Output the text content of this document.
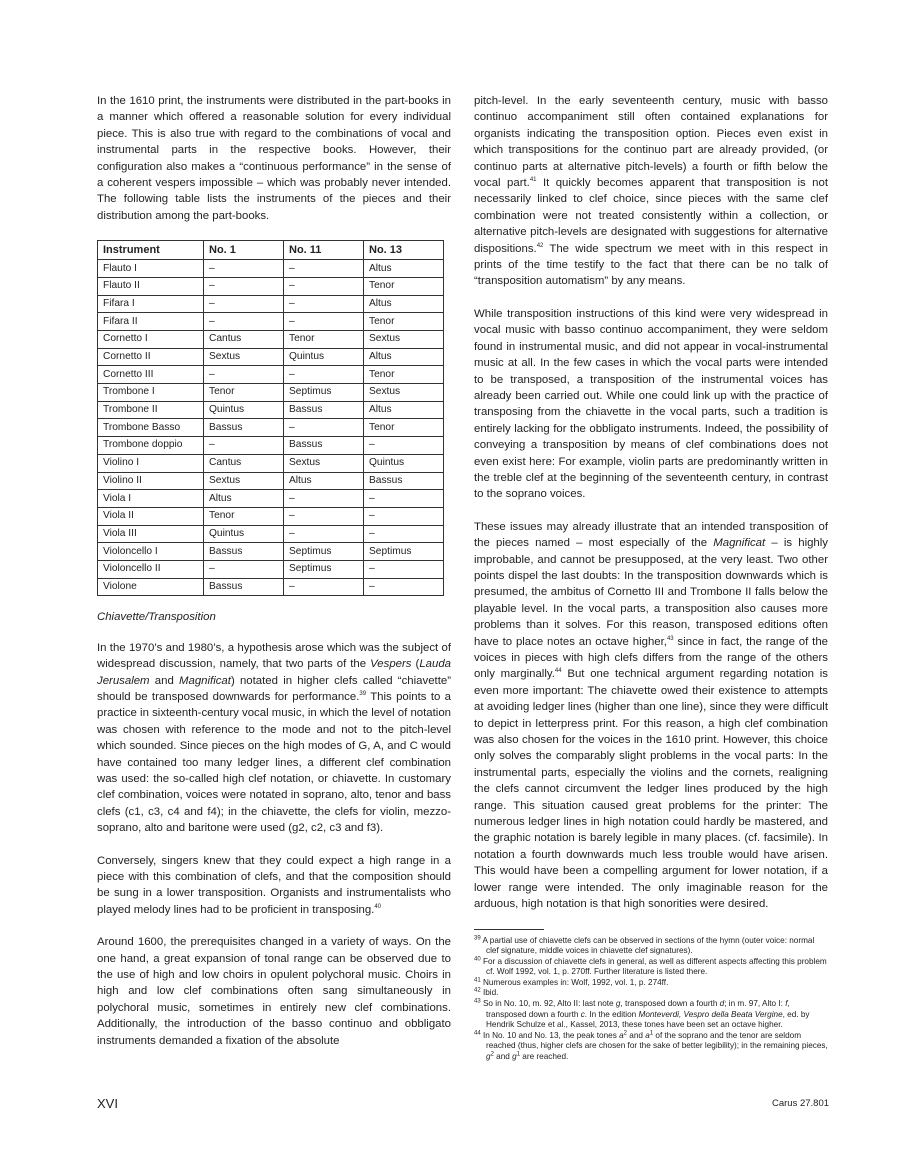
In the 1610 print, the instruments were distributed in the part-books in a manner which offered a reasonable solution for every individual piece. This is also true with regard to the combinations of vocal and instrumental parts in the respective books. However, their configuration also makes a “continuous performance” in the sense of a coherent vespers impossible – which was probably never intended. The following table lists the instruments of the pieces and their distribution among the part-books.

Instrument	No. 1	No. 11	No. 13
Flauto I	–	–	Altus
Flauto II	–	–	Tenor
Fifara I	–	–	Altus
Fifara II	–	–	Tenor
Cornetto I	Cantus	Tenor	Sextus
Cornetto II	Sextus	Quintus	Altus
Cornetto III	–	–	Tenor
Trombone I	Tenor	Septimus	Sextus
Trombone II	Quintus	Bassus	Altus
Trombone Basso	Bassus	–	Tenor
Trombone doppio	–	Bassus	–
Violino I	Cantus	Sextus	Quintus
Violino II	Sextus	Altus	Bassus
Viola I	Altus	–	–
Viola II	Tenor	–	–
Viola III	Quintus	–	–
Violoncello I	Bassus	Septimus	Septimus
Violoncello II	–	Septimus	–
Violone	Bassus	–	–
Chiavette/Transposition

In the 1970’s and 1980’s, a hypothesis arose which was the subject of widespread discussion, namely, that two parts of the Vespers (Lauda Jerusalem and Magnificat) notated in higher clefs called “chiavette” should be transposed downwards for performance.$^{39}$ This points to a practice in sixteenth-century vocal music, in which the level of notation was chosen with reference to the mode and not to the pitch-level which sounded. Since pieces on the high modes of G, A, and C would have contained too many ledger lines, a different clef combination was used: the so-called high clef notation, or chiavette. In customary clef combination, voices were notated in soprano, alto, tenor and bass clefs (c1, c3, c4 and f4); in the chiavette, the clefs for violin, mezzo-soprano, alto and baritone were used (g2, c2, c3 and f3).

Conversely, singers knew that they could expect a high range in a piece with this combination of clefs, and that the composition should be sung in a lower transposition. Organists and instrumentalists who played melody lines had to be proficient in transposing.$^{40}$

Around 1600, the prerequisites changed in a variety of ways. On the one hand, a great expansion of tonal range can be observed due to the use of high and low choirs in opulent polychoral music. Choirs in high and low clef combinations often sang simultaneously in polychoral music, sometimes in entirely new clef combinations. Additionally, the introduction of the basso continuo and obbligato instruments demanded a fixation of the absolute

pitch-level. In the early seventeenth century, music with basso continuo accompaniment still often contained explanations for organists indicating the transposition option. Pieces even exist in which transpositions for the continuo part are already provided, (or continuo parts at alternative pitch-levels) a fourth or fifth below the vocal part.$^{41}$ It quickly becomes apparent that transposition is not necessarily linked to clef choice, since pieces with the same clef combination were not treated consistently within a collection, or alternative pitch-levels are designated with suggestions for alternative dispositions.$^{42}$ The wide spectrum we meet with in this respect in prints of the time testify to the fact that there can be no talk of “transposition automatism” by any means.

While transposition instructions of this kind were very widespread in vocal music with basso continuo accompaniment, they were seldom found in instrumental music, and did not appear in vocal-instrumental music at all. In the few cases in which the vocal parts were intended to be transposed, a transposition of the instrumental voices has already been carried out. While one could link up with the practice of transposing from the chiavette in the vocal parts, such a tradition is entirely lacking for the obbligato instruments. Indeed, the possibility of conveying a transposition by means of clef combinations does not even exist here: For example, violin parts are predominantly written in the treble clef at the beginning of the seventeenth century, in contrast to the soprano voices.

These issues may already illustrate that an intended transposition of the pieces named – most especially of the Magnificat – is highly improbable, and cannot be presupposed, at the very least. Two other points dispel the last doubts: In the transposition downwards which is presumed, the ambitus of Cornetto III and Trombone II falls below the playable level. In the vocal parts, a transposition also causes more problems than it solves. For this reason, transposed editions often have to place notes an octave higher,$^{43}$ since in fact, the range of the voices in pieces with high clefs differs from the range of the others only marginally.$^{44}$ But one technical argument regarding notation is even more important: The chiavette owed their existence to attempts at avoiding ledger lines (higher than one line), since they were difficult to depict in letterpress print. For this reason, a high clef combination was also chosen for the voices in the 1610 print. However, this choice only solves the comparably slight problems in the vocal parts: In the instrumental parts, especially the violins and the cornets, realigning the clefs cannot circumvent the ledger lines produced by the high range. This situation caused great problems for the printer: The numerous ledger lines in high notation could hardly be mastered, and the graphic notation is barely legible in many places. (cf. facsimile). In notation a fourth downwards much less trouble would have arisen. This would have been a compelling argument for lower notation, if a lower range were intended. The only imaginable reason for the arduous, high notation is that high sonorities were desired.

$^{39}$ A partial use of chiavette clefs can be observed in sections of the hymn (outer voice: normal clef signature, middle voices in chiavette clef signatures).
$^{40}$ For a discussion of chiavette clefs in general, as well as different aspects affecting this problem cf. Wolf 1992, vol. 1, p. 270ff. Further literature is listed there.
$^{41}$ Numerous examples in: Wolf, 1992, vol. 1, p. 274ff.
$^{42}$ Ibid.
$^{43}$ So in No. 10, m. 92, Alto II: last note g, transposed down a fourth d; in m. 97, Alto I: f, transposed down a fourth c. In the edition Monteverdi, Vespro della Beata Vergine, ed. by Hendrik Schulze et al., Kassel, 2013, these tones have been set an octave higher.
$^{44}$ In No. 10 and No. 13, the peak tones $a^2$ and $a^1$ of the soprano and the tenor are seldom reached (thus, higher clefs are chosen for the sake of better legibility); in the remaining pieces, $g^2$ and $g^1$ are reached.
XVI	Carus 27.801
